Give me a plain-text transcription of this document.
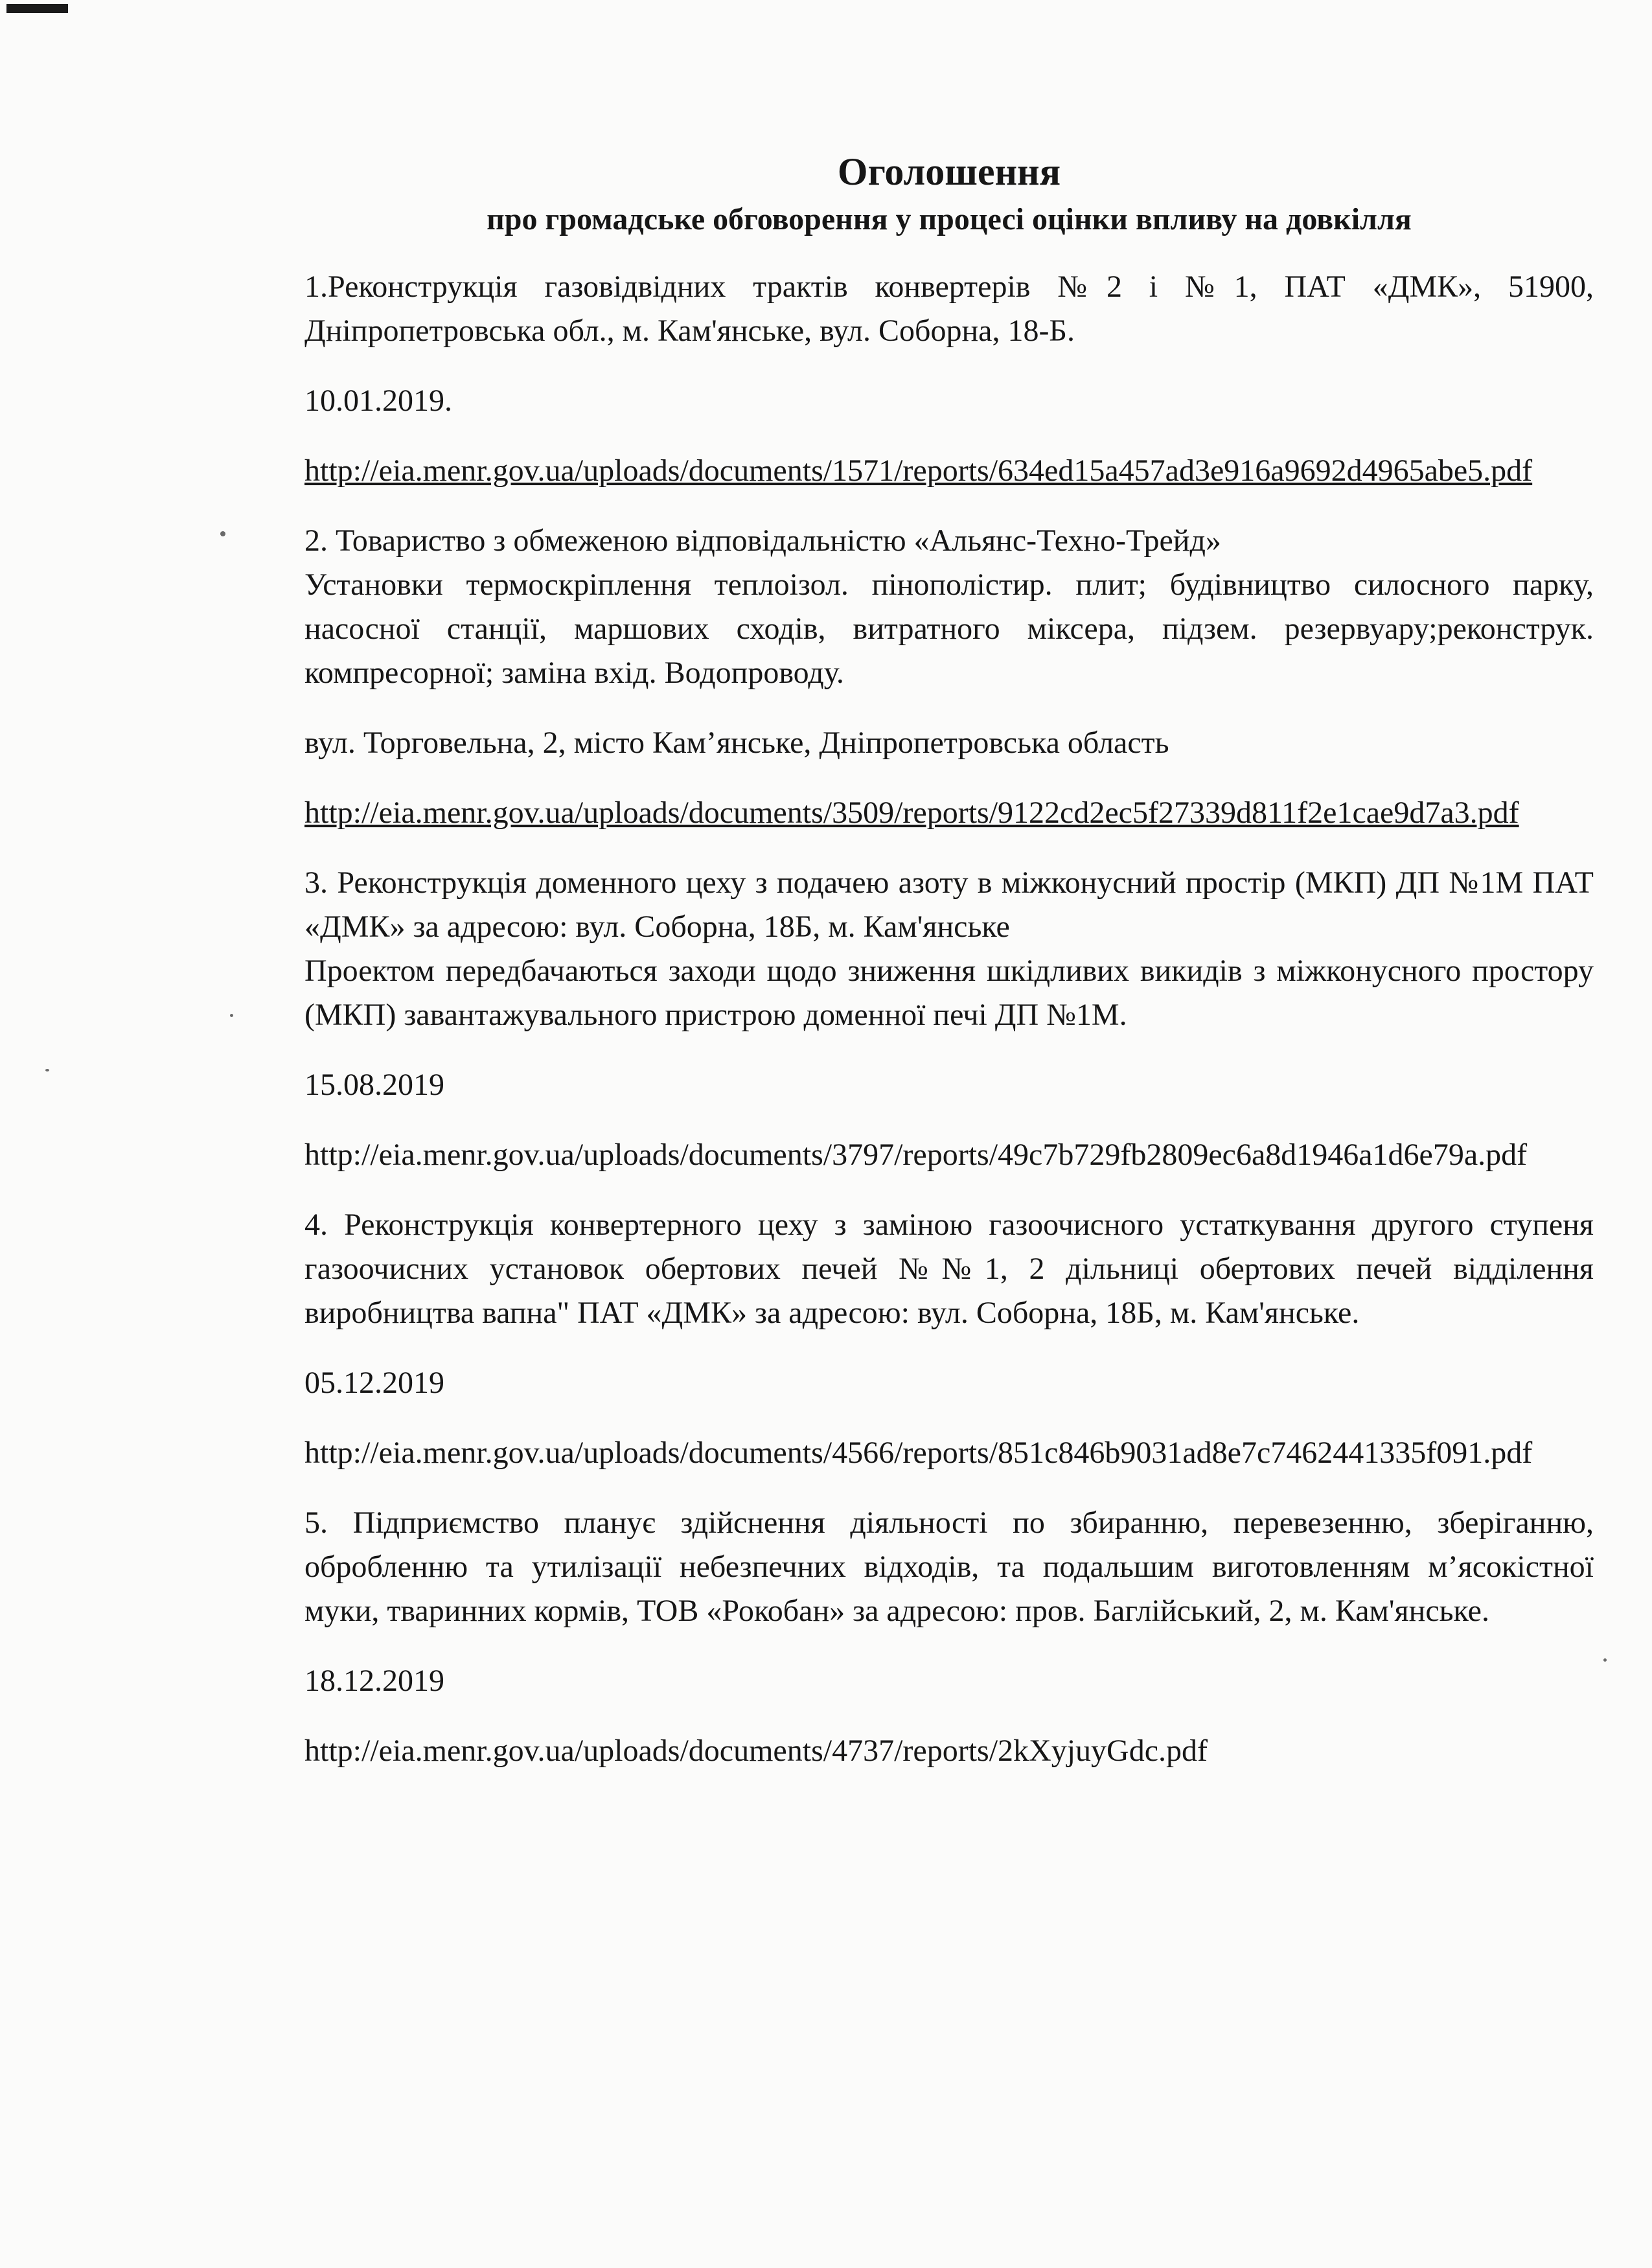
Оголошення
про громадське обговорення у процесі оцінки впливу на довкілля

1.Реконструкція газовідвідних трактів конвертерів №2 і №1, ПАТ «ДМК», 51900, Дніпропетровська обл., м. Кам'янське, вул. Соборна, 18-Б.

10.01.2019.

http://eia.menr.gov.ua/uploads/documents/1571/reports/634ed15a457ad3e916a9692d4965abe5.pdf

2. Товариство з обмеженою відповідальністю «Альянс-Техно-Трейд»

Установки термоскріплення теплоізол. пінополістир. плит; будівництво силосного парку, насосної станції, маршових сходів, витратного міксера, підзем. резервуару;реконструк. компресорної; заміна вхід. Водопроводу.

вул. Торговельна, 2, місто Кам’янське, Дніпропетровська область

http://eia.menr.gov.ua/uploads/documents/3509/reports/9122cd2ec5f27339d811f2e1cae9d7a3.pdf

3. Реконструкція доменного цеху з подачею азоту в міжконусний простір (МКП) ДП №1М ПАТ «ДМК» за адресою: вул. Соборна, 18Б, м. Кам'янське

Проектом передбачаються заходи щодо зниження шкідливих викидів з міжконусного простору (МКП) завантажувального пристрою доменної печі ДП №1М.

15.08.2019

http://eia.menr.gov.ua/uploads/documents/3797/reports/49c7b729fb2809ec6a8d1946a1d6e79a.pdf

4. Реконструкція конвертерного цеху з заміною газоочисного устаткування другого ступеня газоочисних установок обертових печей №№1, 2 дільниці обертових печей відділення виробництва вапна" ПАТ «ДМК» за адресою: вул. Соборна, 18Б, м. Кам'янське.

05.12.2019

http://eia.menr.gov.ua/uploads/documents/4566/reports/851c846b9031ad8e7c7462441335f091.pdf

5. Підприємство планує здійснення діяльності по збиранню, перевезенню, зберіганню, обробленню та утилізації небезпечних відходів, та подальшим виготовленням м’ясокістної муки, тваринних кормів, ТОВ «Рокобан» за адресою: пров. Баглійський, 2, м. Кам'янське.

18.12.2019

http://eia.menr.gov.ua/uploads/documents/4737/reports/2kXyjuyGdc.pdf
